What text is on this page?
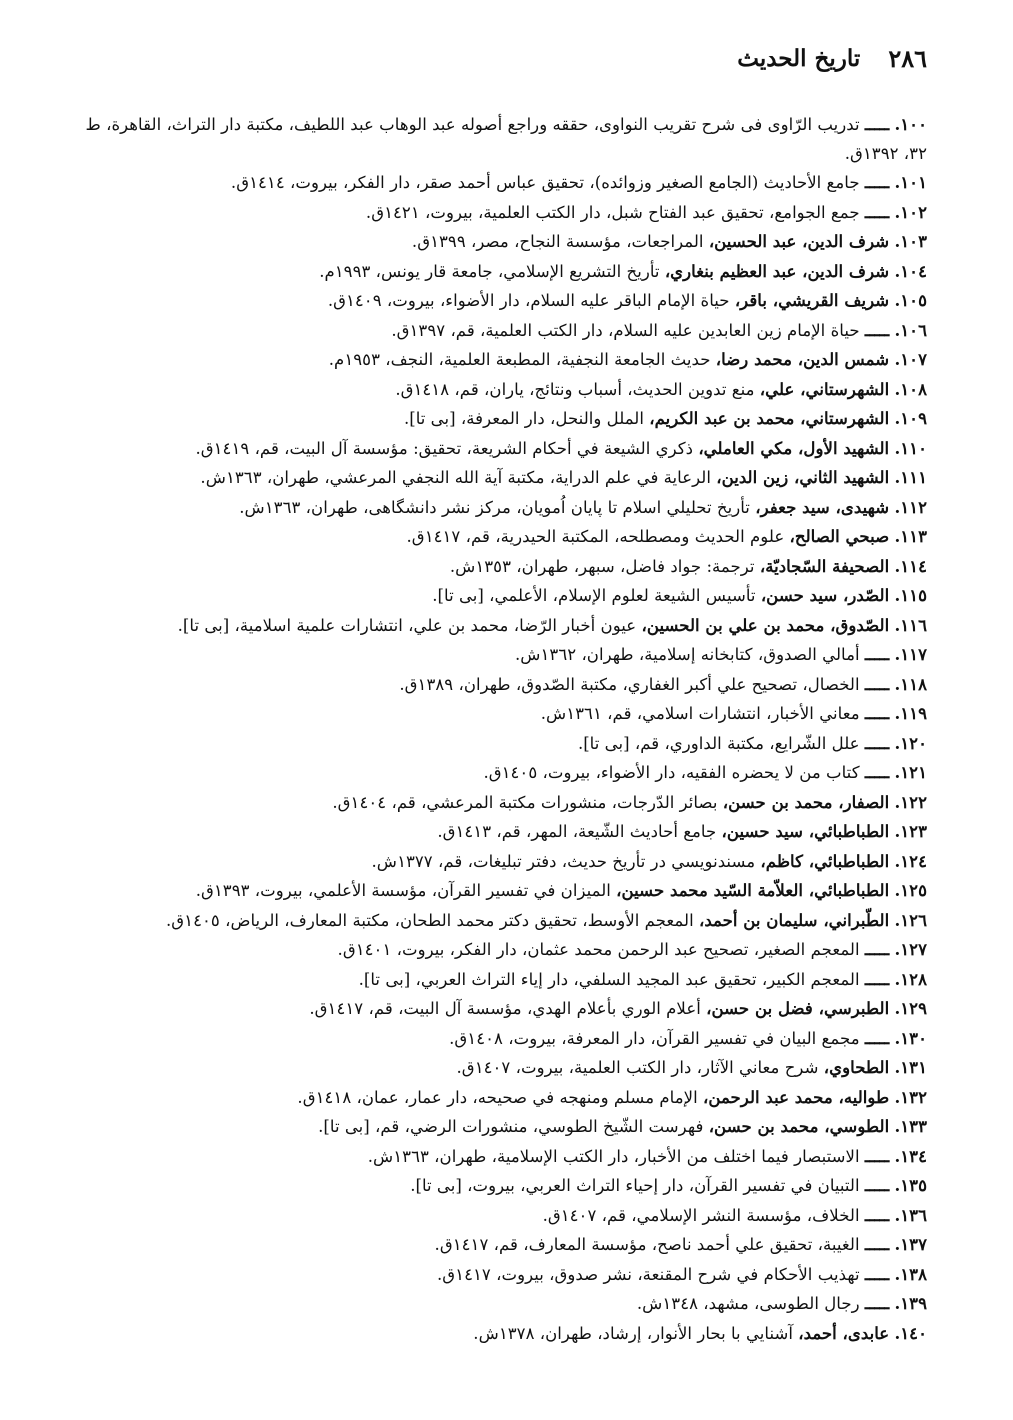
٢٨٦
تاريخ الحديث
١٠٠. ـــــ تدريب الرّاوى فى شرح تقريب النواوى، حققه وراجع أصوله عبد الوهاب عبد اللطيف، مكتبة دار التراث، القاهرة، ط ٣٢، ١٣٩٢ق.
١٠١. ـــــ جامع الأحاديث (الجامع الصغير وزوائده)، تحقيق عباس أحمد صقر، دار الفكر، بيروت، ١٤١٤ق.
١٠٢. ـــــ جمع الجوامع، تحقيق عبد الفتاح شبل، دار الكتب العلمية، بيروت، ١٤٢١ق.
١٠٣. شرف الدين، عبد الحسين، المراجعات، مؤسسة النجاح، مصر، ١٣٩٩ق.
١٠٤. شرف الدين، عبد العظيم بنغاري، تأريخ التشريع الإسلامي، جامعة قار يونس، ١٩٩٣م.
١٠٥. شريف القريشي، باقر، حياة الإمام الباقر عليه السلام، دار الأضواء، بيروت، ١٤٠٩ق.
١٠٦. ـــــ حياة الإمام زين العابدين عليه السلام، دار الكتب العلمية، قم، ١٣٩٧ق.
١٠٧. شمس الدين، محمد رضا، حديث الجامعة النجفية، المطبعة العلمية، النجف، ١٩٥٣م.
١٠٨. الشهرستاني، علي، منع تدوين الحديث، أسباب ونتائج، ياران، قم، ١٤١٨ق.
١٠٩. الشهرستاني، محمد بن عبد الكريم، الملل والنحل، دار المعرفة، [بى تا].
١١٠. الشهيد الأول، مكي العاملي، ذكري الشيعة في أحكام الشريعة، تحقيق: مؤسسة آل البيت، قم، ١٤١٩ق.
١١١. الشهيد الثاني، زين الدين، الرعاية في علم الدراية، مكتبة آية الله النجفي المرعشي، طهران، ١٣٦٣ش.
١١٢. شهيدى، سيد جعفر، تأريخ تحليلي اسلام تا پايان اُمويان، مركز نشر دانشگاهى، طهران، ١٣٦٣ش.
١١٣. صبحي الصالح، علوم الحديث ومصطلحه، المكتبة الحيدرية، قم، ١٤١٧ق.
١١٤. الصحيفة السّجاديّة، ترجمة: جواد فاضل، سبهر، طهران، ١٣٥٣ش.
١١٥. الصّدر، سيد حسن، تأسيس الشيعة لعلوم الإسلام، الأعلمي، [بى تا].
١١٦. الصّدوق، محمد بن علي بن الحسين، عيون أخبار الرّضا، محمد بن علي، انتشارات علمية اسلامية، [بى تا].
١١٧. ـــــ أمالي الصدوق، كتابخانه إسلامية، طهران، ١٣٦٢ش.
١١٨. ـــــ الخصال، تصحيح علي أكبر الغفاري، مكتبة الصّدوق، طهران، ١٣٨٩ق.
١١٩. ـــــ معاني الأخبار، انتشارات اسلامي، قم، ١٣٦١ش.
١٢٠. ـــــ علل الشّرايع، مكتبة الداوري، قم، [بى تا].
١٢١. ـــــ كتاب من لا يحضره الفقيه، دار الأضواء، بيروت، ١٤٠٥ق.
١٢٢. الصفار، محمد بن حسن، بصائر الدّرجات، منشورات مكتبة المرعشي، قم، ١٤٠٤ق.
١٢٣. الطباطبائي، سيد حسين، جامع أحاديث الشّيعة، المهر، قم، ١٤١٣ق.
١٢٤. الطباطبائي، كاظم، مسندنويسي در تأريخ حديث، دفتر تبليغات، قم، ١٣٧٧ش.
١٢٥. الطباطبائي، العلاّمة السّيد محمد حسين، الميزان في تفسير القرآن، مؤسسة الأعلمي، بيروت، ١٣٩٣ق.
١٢٦. الطّبراني، سليمان بن أحمد، المعجم الأوسط، تحقيق دكتر محمد الطحان، مكتبة المعارف، الرياض، ١٤٠٥ق.
١٢٧. ـــــ المعجم الصغير، تصحيح عبد الرحمن محمد عثمان، دار الفكر، بيروت، ١٤٠١ق.
١٢٨. ـــــ المعجم الكبير، تحقيق عبد المجيد السلفي، دار إياء التراث العربي، [بى تا].
١٢٩. الطبرسي، فضل بن حسن، أعلام الوري بأعلام الهدي، مؤسسة آل البيت، قم، ١٤١٧ق.
١٣٠. ـــــ مجمع البيان في تفسير القرآن، دار المعرفة، بيروت، ١٤٠٨ق.
١٣١. الطحاوي، شرح معاني الآثار، دار الكتب العلمية، بيروت، ١٤٠٧ق.
١٣٢. طواليه، محمد عبد الرحمن، الإمام مسلم ومنهجه في صحيحه، دار عمار، عمان، ١٤١٨ق.
١٣٣. الطوسي، محمد بن حسن، فهرست الشّيخ الطوسي، منشورات الرضي، قم، [بى تا].
١٣٤. ـــــ الاستبصار فيما اختلف من الأخبار، دار الكتب الإسلامية، طهران، ١٣٦٣ش.
١٣٥. ـــــ التبيان في تفسير القرآن، دار إحياء التراث العربي، بيروت، [بى تا].
١٣٦. ـــــ الخلاف، مؤسسة النشر الإسلامي، قم، ١٤٠٧ق.
١٣٧. ـــــ الغيبة، تحقيق علي أحمد ناصح، مؤسسة المعارف، قم، ١٤١٧ق.
١٣٨. ـــــ تهذيب الأحكام في شرح المقنعة، نشر صدوق، بيروت، ١٤١٧ق.
١٣٩. ـــــ رجال الطوسى، مشهد، ١٣٤٨ش.
١٤٠. عابدى، أحمد، آشنايي با بحار الأنوار، إرشاد، طهران، ١٣٧٨ش.
